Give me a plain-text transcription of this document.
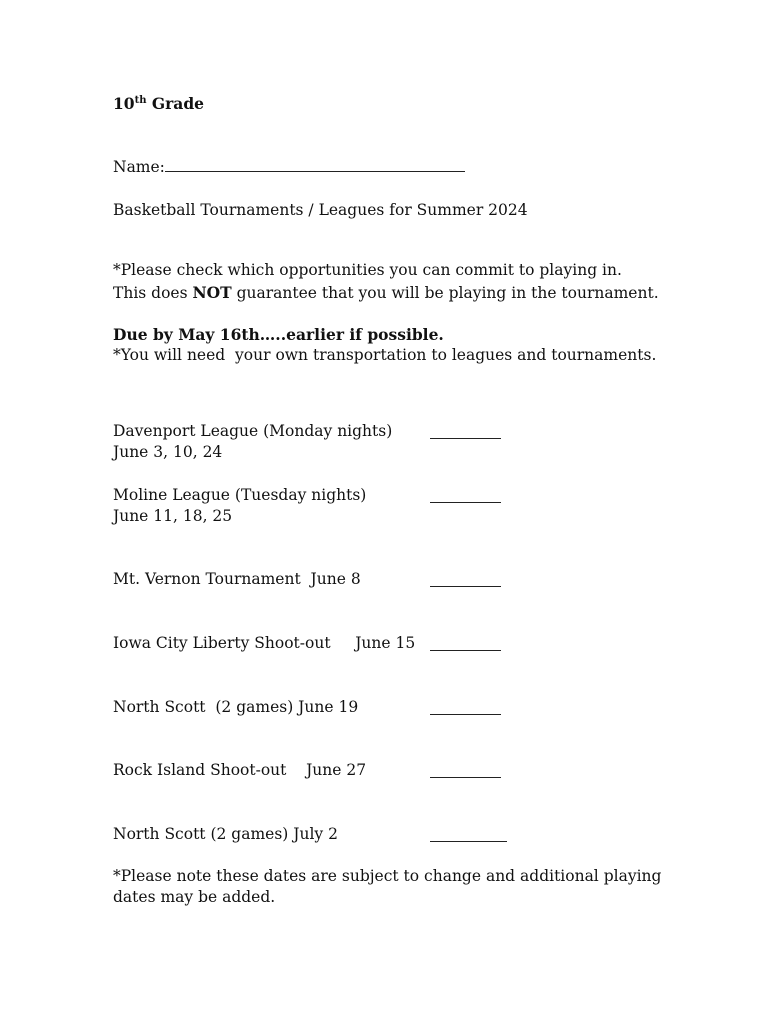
10th Grade
Name:
Basketball Tournaments / Leagues for Summer 2024
*Please check which opportunities you can commit to playing in.
This does NOT guarantee that you will be playing in the tournament.
Due by May 16th…..earlier if possible.
*You will need  your own transportation to leagues and tournaments.
Davenport League (Monday nights)
June 3, 10, 24
Moline League (Tuesday nights)
June 11, 18, 25
Mt. Vernon Tournament  June 8
Iowa City Liberty Shoot-out     June 15
North Scott  (2 games) June 19
Rock Island Shoot-out    June 27
North Scott (2 games) July 2
*Please note these dates are subject to change and additional playing
dates may be added.
